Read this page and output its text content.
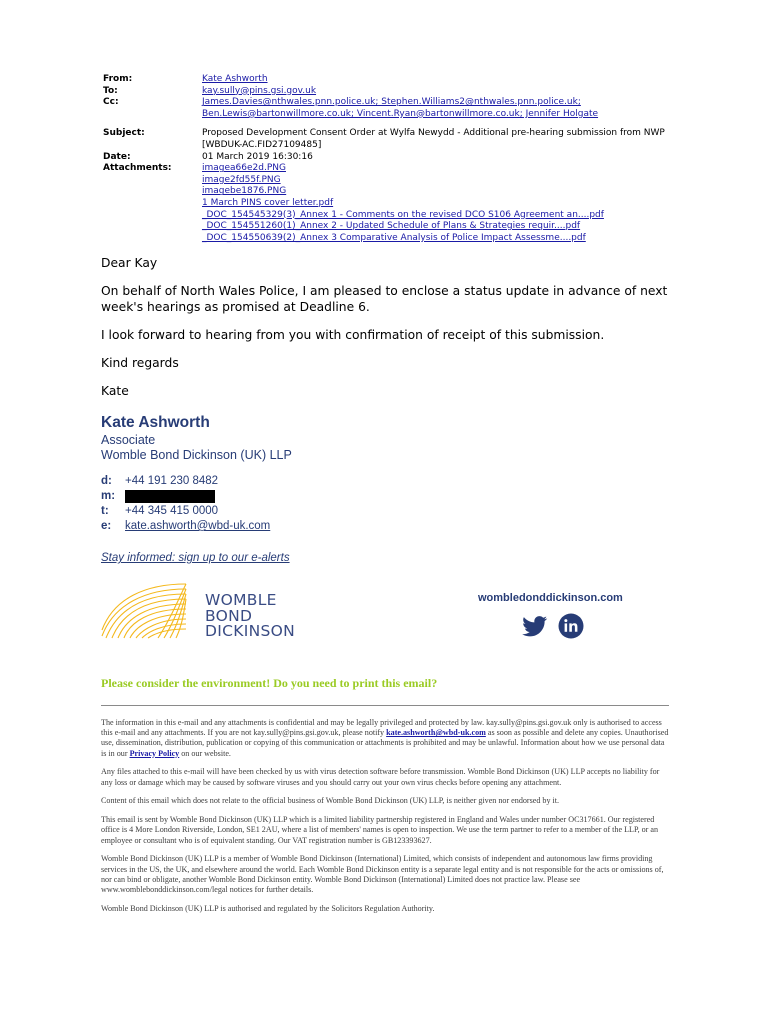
From:	Kate Ashworth
To:	kay.sully@pins.gsi.gov.uk
Cc:	James.Davies@nthwales.pnn.police.uk; Stephen.Williams2@nthwales.pnn.police.uk;
Ben.Lewis@bartonwillmore.co.uk; Vincent.Ryan@bartonwillmore.co.uk; Jennifer Holgate
Subject:	Proposed Development Consent Order at Wylfa Newydd - Additional pre-hearing submission from NWP
[WBDUK-AC.FID27109485]
Date:	01 March 2019 16:30:16
Attachments:	imagea66e2d.PNG
image2fd55f.PNG
imagebe1876.PNG
1 March PINS cover letter.pdf
_DOC_154545329(3)_Annex 1 - Comments on the revised DCO S106 Agreement an....pdf
_DOC_154551260(1)_Annex 2 - Updated Schedule of Plans & Strategies requir....pdf
_DOC_154550639(2)_Annex 3 Comparative Analysis of Police Impact Assessme....pdf

Dear Kay

On behalf of North Wales Police, I am pleased to enclose a status update in advance of next week's hearings as promised at Deadline 6.

I look forward to hearing from you with confirmation of receipt of this submission.

Kind regards

Kate

Kate Ashworth
Associate
Womble Bond Dickinson (UK) LLP
d:	+44 191 230 8482
m:
t:	+44 345 415 0000
e:	kate.ashworth@wbd-uk.com
Stay informed: sign up to our e-alerts
WOMBLE
BOND
DICKINSON
wombledonddickinson.com
Please consider the environment! Do you need to print this email?

The information in this e-mail and any attachments is confidential and may be legally privileged and protected by law. kay.sully@pins.gsi.gov.uk only is authorised to access this e-mail and any attachments. If you are not kay.sully@pins.gsi.gov.uk, please notify kate.ashworth@wbd-uk.com as soon as possible and delete any copies. Unauthorised use, dissemination, distribution, publication or copying of this communication or attachments is prohibited and may be unlawful. Information about how we use personal data is in our Privacy Policy on our website.

Any files attached to this e-mail will have been checked by us with virus detection software before transmission. Womble Bond Dickinson (UK) LLP accepts no liability for any loss or damage which may be caused by software viruses and you should carry out your own virus checks before opening any attachment.

Content of this email which does not relate to the official business of Womble Bond Dickinson (UK) LLP, is neither given nor endorsed by it.

This email is sent by Womble Bond Dickinson (UK) LLP which is a limited liability partnership registered in England and Wales under number OC317661. Our registered office is 4 More London Riverside, London, SE1 2AU, where a list of members' names is open to inspection. We use the term partner to refer to a member of the LLP, or an employee or consultant who is of equivalent standing. Our VAT registration number is GB123393627.

Womble Bond Dickinson (UK) LLP is a member of Womble Bond Dickinson (International) Limited, which consists of independent and autonomous law firms providing services in the US, the UK, and elsewhere around the world. Each Womble Bond Dickinson entity is a separate legal entity and is not responsible for the acts or omissions of, nor can bind or obligate, another Womble Bond Dickinson entity. Womble Bond Dickinson (International) Limited does not practice law. Please see www.womblebonddickinson.com/legal notices for further details.

Womble Bond Dickinson (UK) LLP is authorised and regulated by the Solicitors Regulation Authority.
